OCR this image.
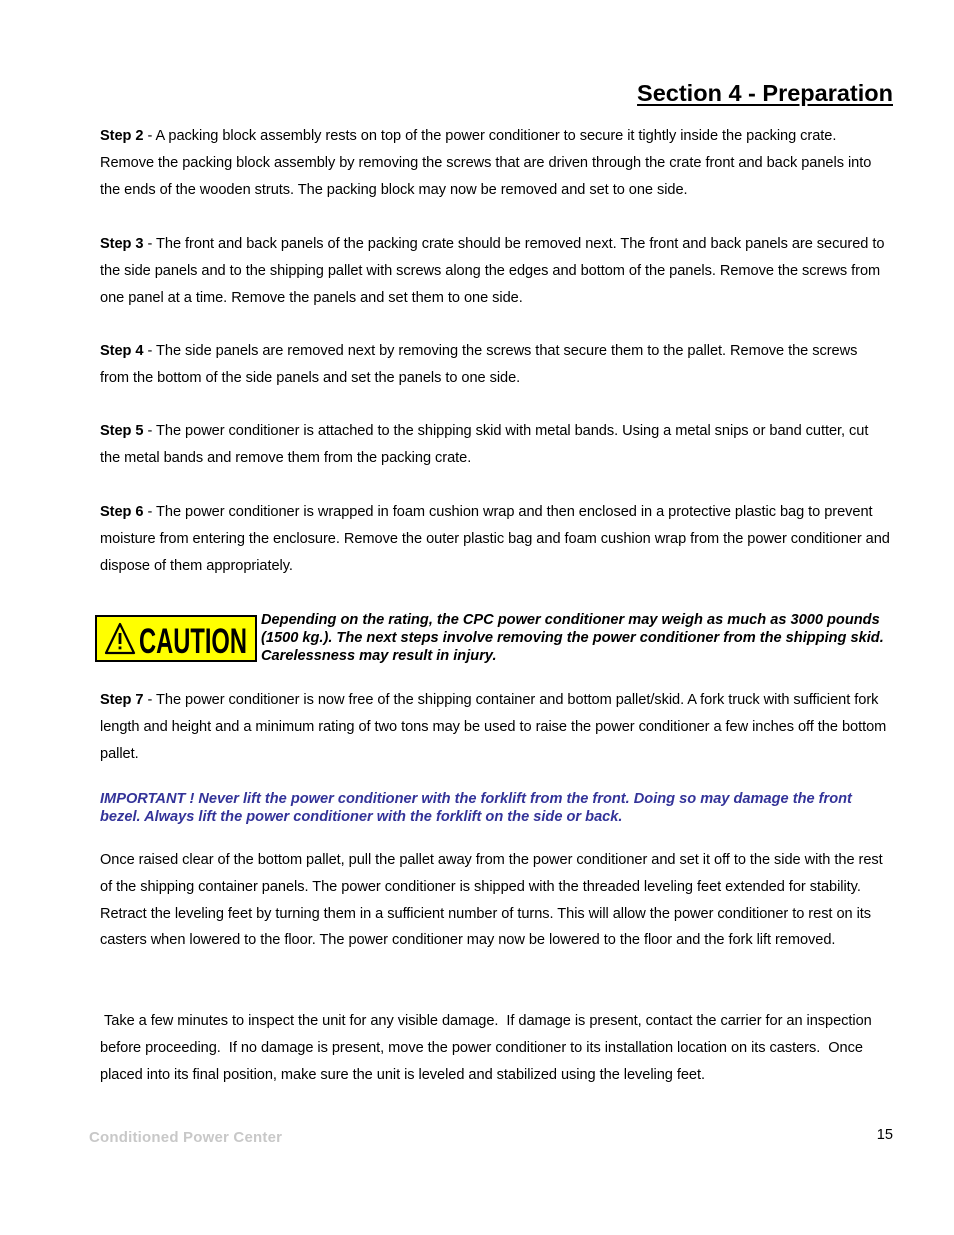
Section 4 - Preparation

Step 2 - A packing block assembly rests on top of the power conditioner to secure it tightly inside the packing crate. Remove the packing block assembly by removing the screws that are driven through the crate front and back panels into the ends of the wooden struts. The packing block may now be removed and set to one side.

Step 3 - The front and back panels of the packing crate should be removed next. The front and back panels are secured to the side panels and to the shipping pallet with screws along the edges and bottom of the panels. Remove the screws from one panel at a time. Remove the panels and set them to one side.

Step 4 - The side panels are removed next by removing the screws that secure them to the pallet. Remove the screws from the bottom of the side panels and set the panels to one side.

Step 5 - The power conditioner is attached to the shipping skid with metal bands. Using a metal snips or band cutter, cut the metal bands and remove them from the packing crate.

Step 6 - The power conditioner is wrapped in foam cushion wrap and then enclosed in a protective plastic bag to prevent moisture from entering the enclosure. Remove the outer plastic bag and foam cushion wrap from the power conditioner and dispose of them appropriately.

CAUTION

Depending on the rating, the CPC power conditioner may weigh as much as 3000 pounds (1500 kg.). The next steps involve removing the power conditioner from the shipping skid. Carelessness may result in injury.

Step 7 - The power conditioner is now free of the shipping container and bottom pallet/skid. A fork truck with sufficient fork length and height and a minimum rating of two tons may be used to raise the power conditioner a few inches off the bottom pallet.

IMPORTANT ! Never lift the power conditioner with the forklift from the front. Doing so may damage the front bezel. Always lift the power conditioner with the forklift on the side or back.

Once raised clear of the bottom pallet, pull the pallet away from the power conditioner and set it off to the side with the rest of the shipping container panels. The power conditioner is shipped with the threaded leveling feet extended for stability. Retract the leveling feet by turning them in a sufficient number of turns. This will allow the power conditioner to rest on its casters when lowered to the floor. The power conditioner may now be lowered to the floor and the fork lift removed.

Take a few minutes to inspect the unit for any visible damage.  If damage is present, contact the carrier for an inspection before proceeding.  If no damage is present, move the power conditioner to its installation location on its casters.  Once placed into its final position, make sure the unit is leveled and stabilized using the leveling feet.

Conditioned Power Center	15
